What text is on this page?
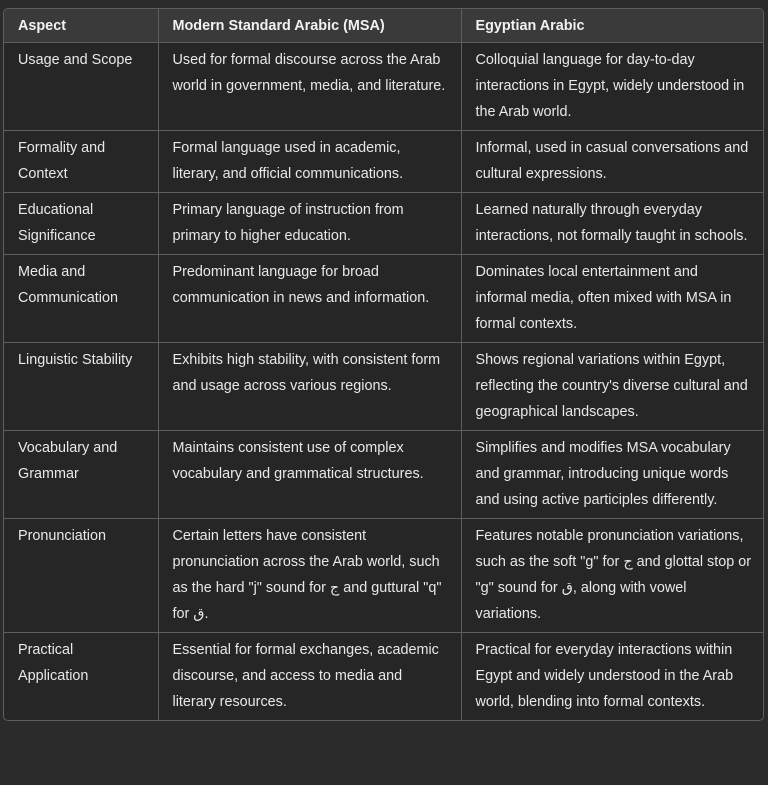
Aspect	Modern Standard Arabic (MSA)	Egyptian Arabic
Usage and Scope	Used for formal discourse across the Arab world in government, media, and literature.	Colloquial language for day-to-day interactions in Egypt, widely understood in the Arab world.
Formality and Context	Formal language used in academic, literary, and official communications.	Informal, used in casual conversations and cultural expressions.
Educational Significance	Primary language of instruction from primary to higher education.	Learned naturally through everyday interactions, not formally taught in schools.
Media and Communication	Predominant language for broad communication in news and information.	Dominates local entertainment and informal media, often mixed with MSA in formal contexts.
Linguistic Stability	Exhibits high stability, with consistent form and usage across various regions.	Shows regional variations within Egypt, reflecting the country's diverse cultural and geographical landscapes.
Vocabulary and Grammar	Maintains consistent use of complex vocabulary and grammatical structures.	Simplifies and modifies MSA vocabulary and grammar, introducing unique words and using active participles differently.
Pronunciation	Certain letters have consistent pronunciation across the Arab world, such as the hard "j" sound for ج and guttural "q" for ق.	Features notable pronunciation variations, such as the soft "g" for ج and glottal stop or "g" sound for ق, along with vowel variations.
Practical Application	Essential for formal exchanges, academic discourse, and access to media and literary resources.	Practical for everyday interactions within Egypt and widely understood in the Arab world, blending into formal contexts.
